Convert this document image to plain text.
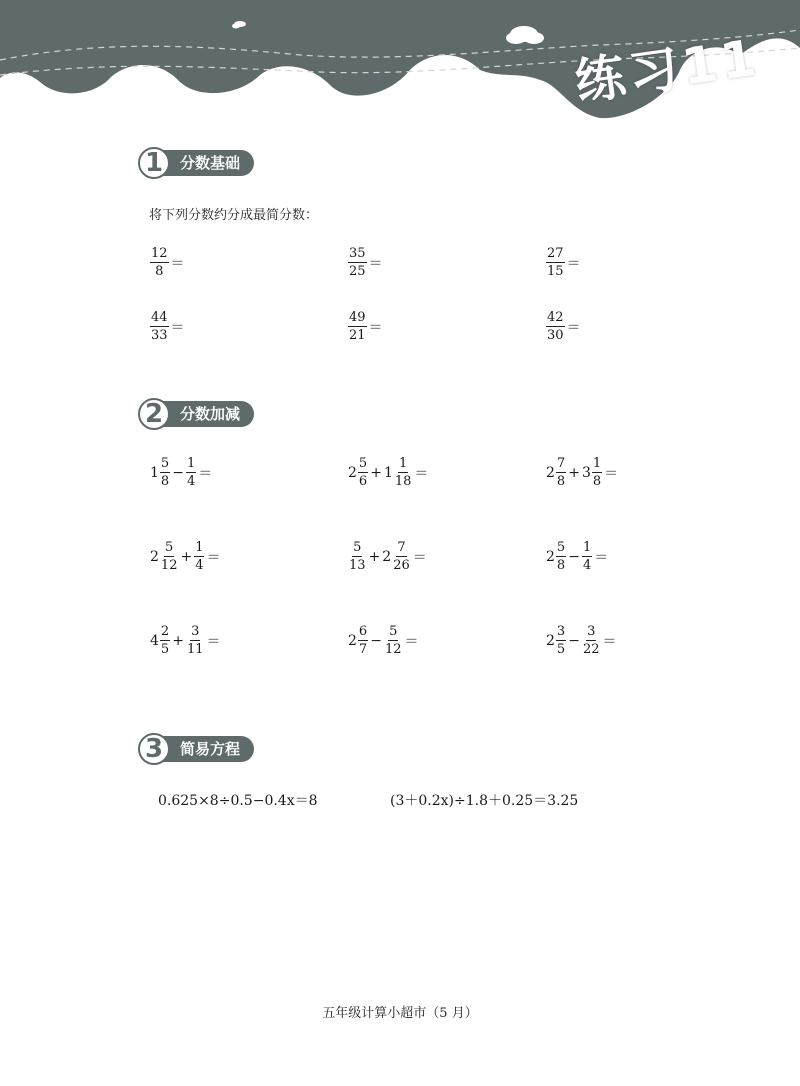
练习11
1	分数基础
将下列分数约分成最简分数：
$\frac{12}{8}$ ＝	$\frac{35}{25}$ ＝	$\frac{27}{15}$ ＝
$\frac{44}{33}$ ＝	$\frac{49}{21}$ ＝	$\frac{42}{30}$ ＝
2	分数加减
$1 \frac{5}{8} - \frac{1}{4}$ ＝	$2 \frac{5}{6} + 1 \frac{1}{18}$ ＝	$2 \frac{7}{8} + 3 \frac{1}{8}$ ＝
$2 \frac{5}{12} + \frac{1}{4}$ ＝	$\frac{5}{13} + 2 \frac{7}{26}$ ＝	$2 \frac{5}{8} - \frac{1}{4}$ ＝
$4 \frac{2}{5} + \frac{3}{11}$ ＝	$2 \frac{6}{7} - \frac{5}{12}$ ＝	$2 \frac{3}{5} - \frac{3}{22}$ ＝
3	简易方程
0.625×8÷0.5−0.4x＝8	(3＋0.2x)÷1.8＋0.25＝3.25
五年级计算小超市（5 月）
